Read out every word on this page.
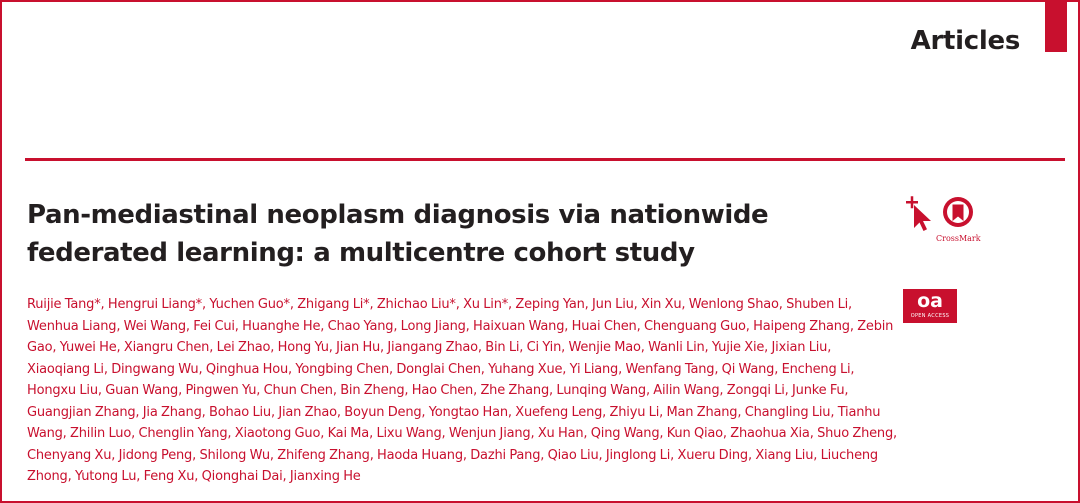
Articles
Pan-mediastinal neoplasm diagnosis via nationwide federated learning: a multicentre cohort study

Ruijie Tang*, Hengrui Liang*, Yuchen Guo*, Zhigang Li*, Zhichao Liu*, Xu Lin*, Zeping Yan, Jun Liu, Xin Xu, Wenlong Shao, Shuben Li, Wenhua Liang, Wei Wang, Fei Cui, Huanghe He, Chao Yang, Long Jiang, Haixuan Wang, Huai Chen, Chenguang Guo, Haipeng Zhang, Zebin Gao, Yuwei He, Xiangru Chen, Lei Zhao, Hong Yu, Jian Hu, Jiangang Zhao, Bin Li, Ci Yin, Wenjie Mao, Wanli Lin, Yujie Xie, Jixian Liu, Xiaoqiang Li, Dingwang Wu, Qinghua Hou, Yongbing Chen, Donglai Chen, Yuhang Xue, Yi Liang, Wenfang Tang, Qi Wang, Encheng Li, Hongxu Liu, Guan Wang, Pingwen Yu, Chun Chen, Bin Zheng, Hao Chen, Zhe Zhang, Lunqing Wang, Ailin Wang, Zongqi Li, Junke Fu, Guangjian Zhang, Jia Zhang, Bohao Liu, Jian Zhao, Boyun Deng, Yongtao Han, Xuefeng Leng, Zhiyu Li, Man Zhang, Changling Liu, Tianhu Wang, Zhilin Luo, Chenglin Yang, Xiaotong Guo, Kai Ma, Lixu Wang, Wenjun Jiang, Xu Han, Qing Wang, Kun Qiao, Zhaohua Xia, Shuo Zheng, Chenyang Xu, Jidong Peng, Shilong Wu, Zhifeng Zhang, Haoda Huang, Dazhi Pang, Qiao Liu, Jinglong Li, Xueru Ding, Xiang Liu, Liucheng Zhong, Yutong Lu, Feng Xu, Qionghai Dai, Jianxing He

CrossMark
oa
OPEN ACCESS
